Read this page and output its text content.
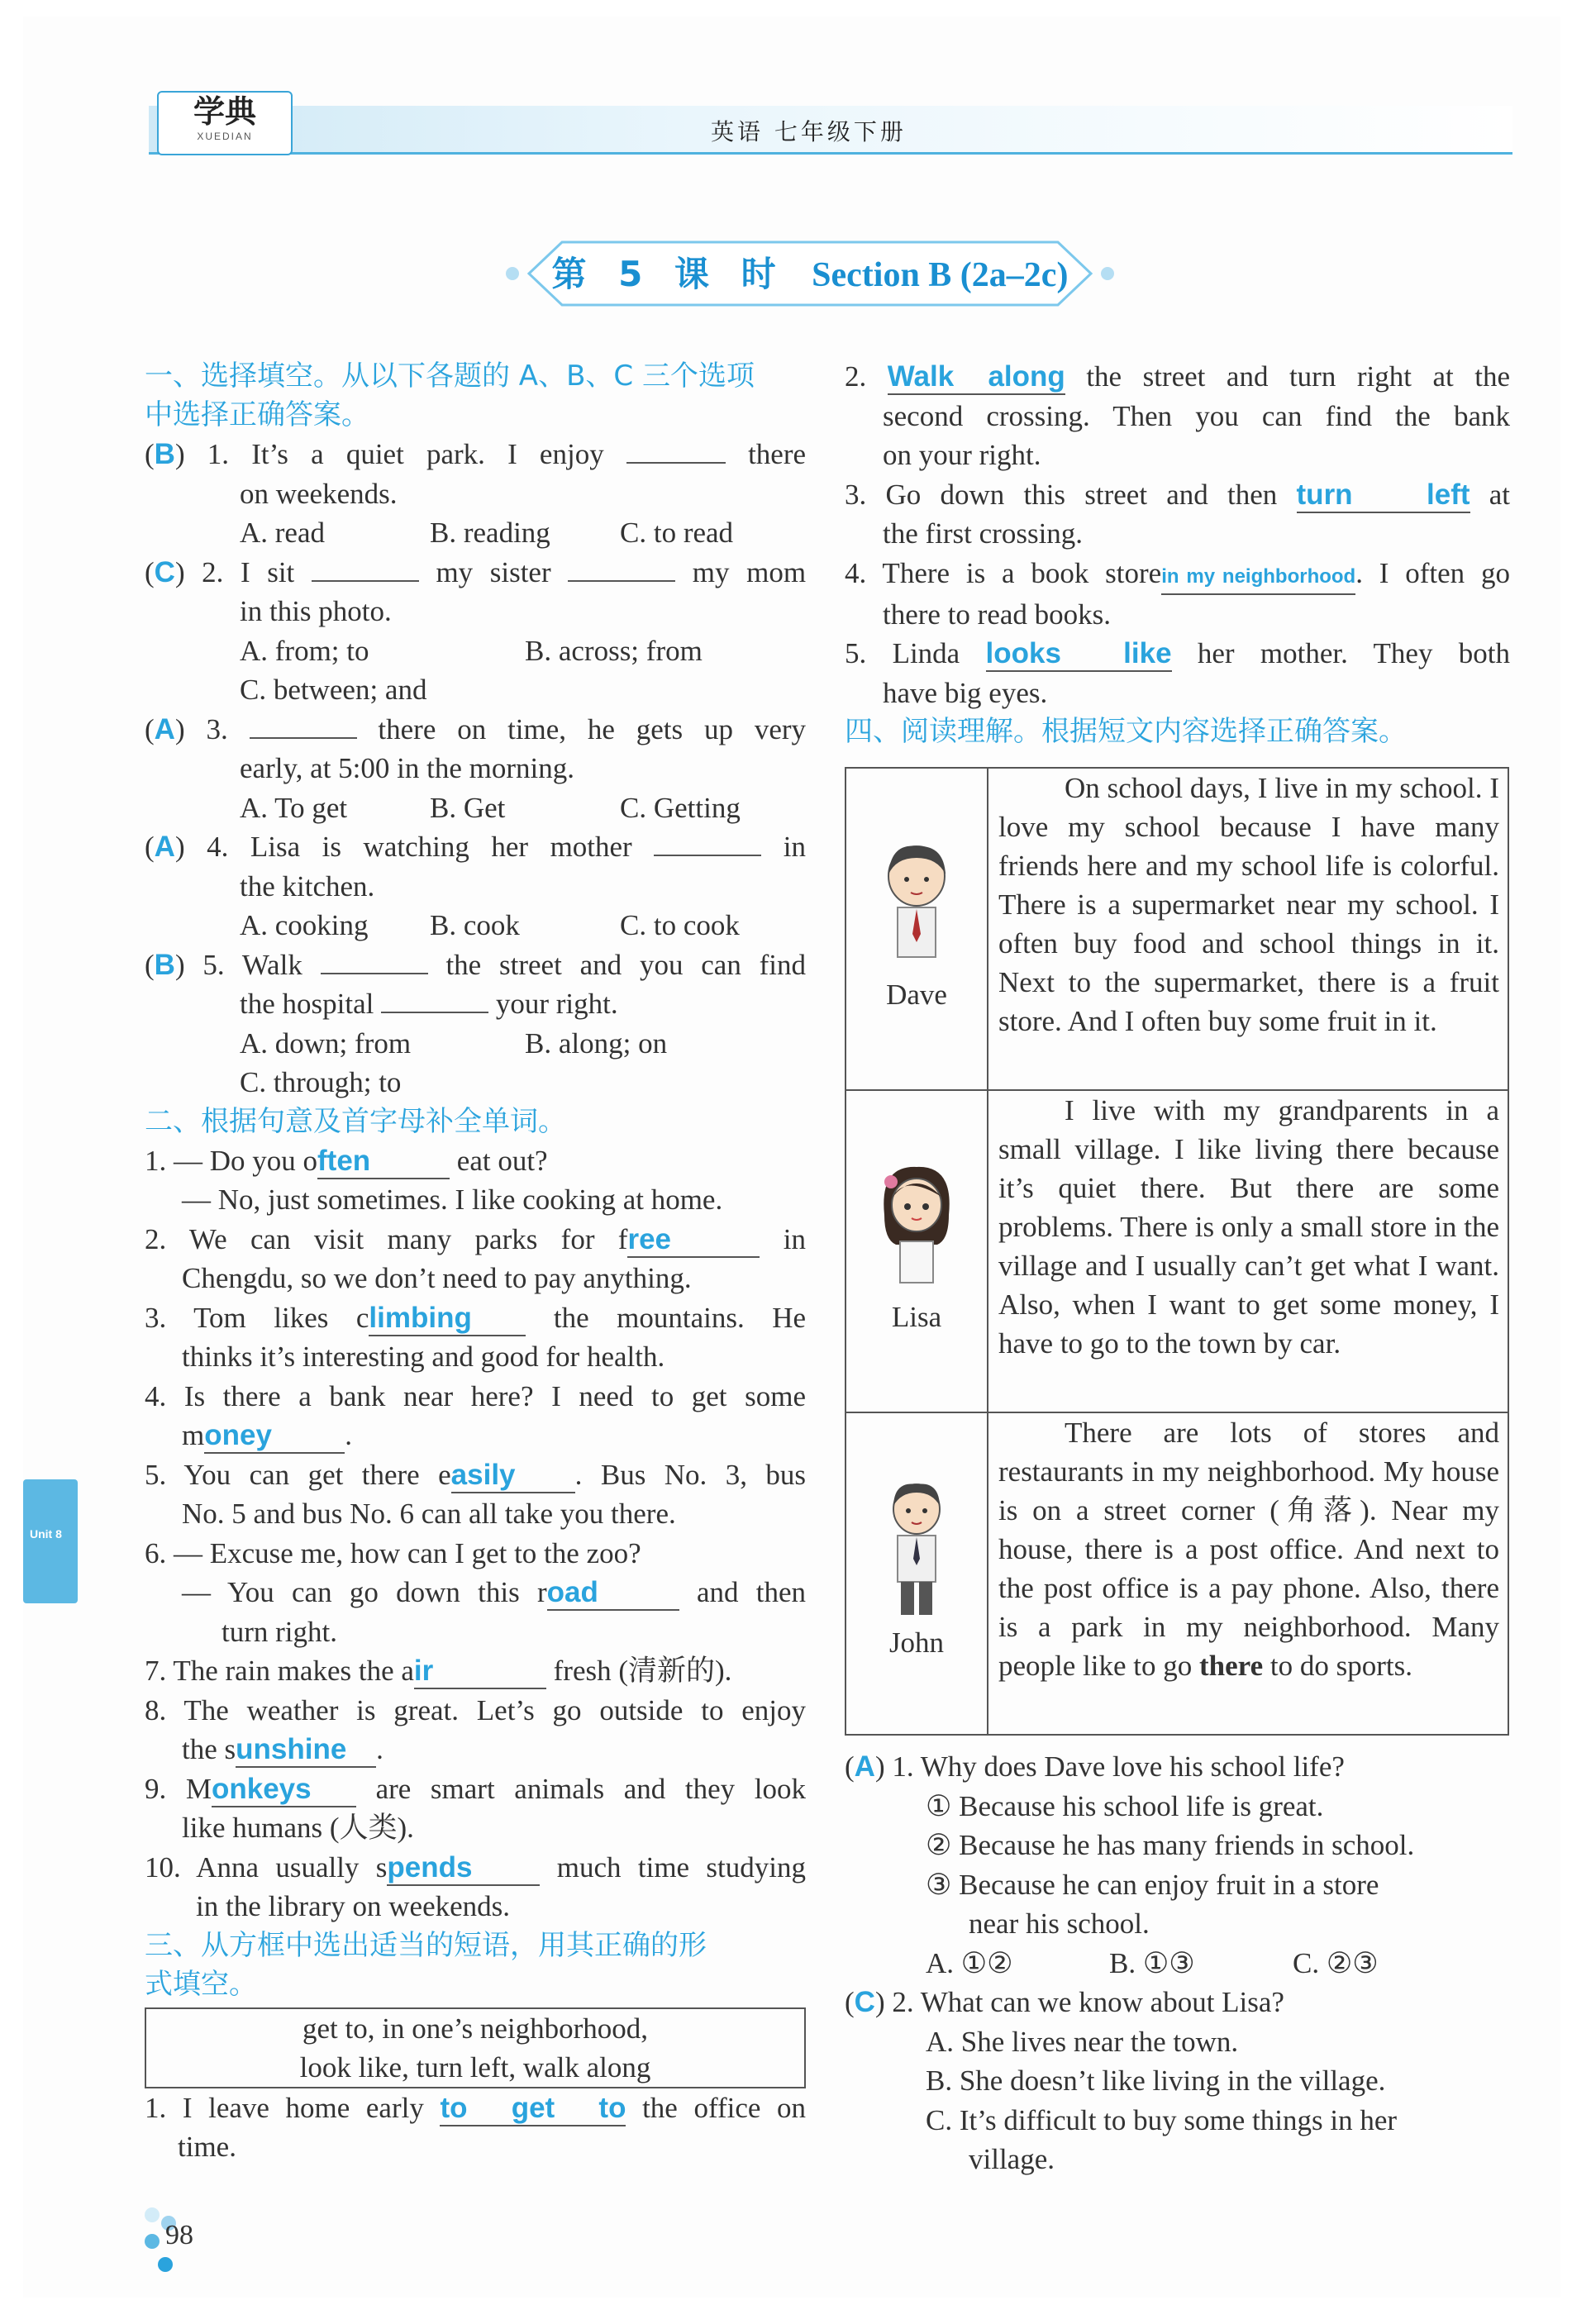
学典
XUEDIAN	英语 七年级下册
第 5 课 时 Section B (2a–2c)
一、选择填空。从以下各题的 A、B、C 三个选项
中选择正确答案。
(B) 1. It’s a quiet park. I enjoy	there
on weekends.
A. read	B. reading C. to read
(C) 2. I sit	my sister	my mom
in this photo.
A. from; to	B. across; from
C. between; and
(A) 3.	there on time, he gets up very
early, at 5:00 in the morning.
A. To get	B. Get	C. Getting
(A) 4. Lisa is watching her mother	in
the kitchen.
A. cooking B. cook	C. to cook
(B) 5. Walk	the street and you can find
the hospital	your right.
A. down; from	B. along; on
C. through; to
二、根据句意及首字母补全单词。
1. — Do you often	eat out?
— No, just sometimes. I like cooking at home.
2. We can visit many parks for free	in
Chengdu, so we don’t need to pay anything.
3. Tom likes climbing	the mountains. He
thinks it’s interesting and good for health.
4. Is there a bank near here? I need to get some
money	.
5. You can get there easily . Bus No. 3, bus
No. 5 and bus No. 6 can all take you there.
6. — Excuse me, how can I get to the zoo?
— You can go down this road	and then
turn right.
7. The rain makes the air	fresh (清新的).
8. The weather is great. Let’s go outside to enjoy
the sunshine .
9. Monkeys are smart animals and they look
like humans (人类).
10. Anna usually spends	much time studying
in the library on weekends.
三、从方框中选出适当的短语，用其正确的形
式填空。
get to, in one’s neighborhood,
look like, turn left, walk along
1. I leave home early to get to the office on
time.
2. Walk along the street and turn right at the
second crossing. Then you can find the bank
on your right.
3. Go down this street and then turn left at
the first crossing.
4. There is a book storein my neighborhood. I often go
there to read books.
5. Linda looks like her mother. They both
have big eyes.
四、阅读理解。根据短文内容选择正确答案。
Dave

On school days, I live in my school. I love my school because I have many friends here and my school life is colorful. There is a supermarket near my school. I often buy food and school things in it. Next to the supermarket, there is a fruit store. And I often buy some fruit in it.

Lisa

I live with my grandparents in a small village. I like living there because it’s quiet there. But there are some problems. There is only a small store in the village and I usually can’t get what I want. Also, when I want to get some money, I have to go to the town by car.

John

There are lots of stores and restaurants in my neighborhood. My house is on a street corner (角落). Near my house, there is a post office. And next to the post office is a pay phone. Also, there is a park in my neighborhood. Many people like to go there to do sports.

(A) 1. Why does Dave love his school life?
① Because his school life is great.
② Because he has many friends in school.
③ Because he can enjoy fruit in a store
near his school.
A. ①②	B. ①③	C. ②③
(C) 2. What can we know about Lisa?
A. She lives near the town.
B. She doesn’t like living in the village.
C. It’s difficult to buy some things in her
village.
Unit 8
98
